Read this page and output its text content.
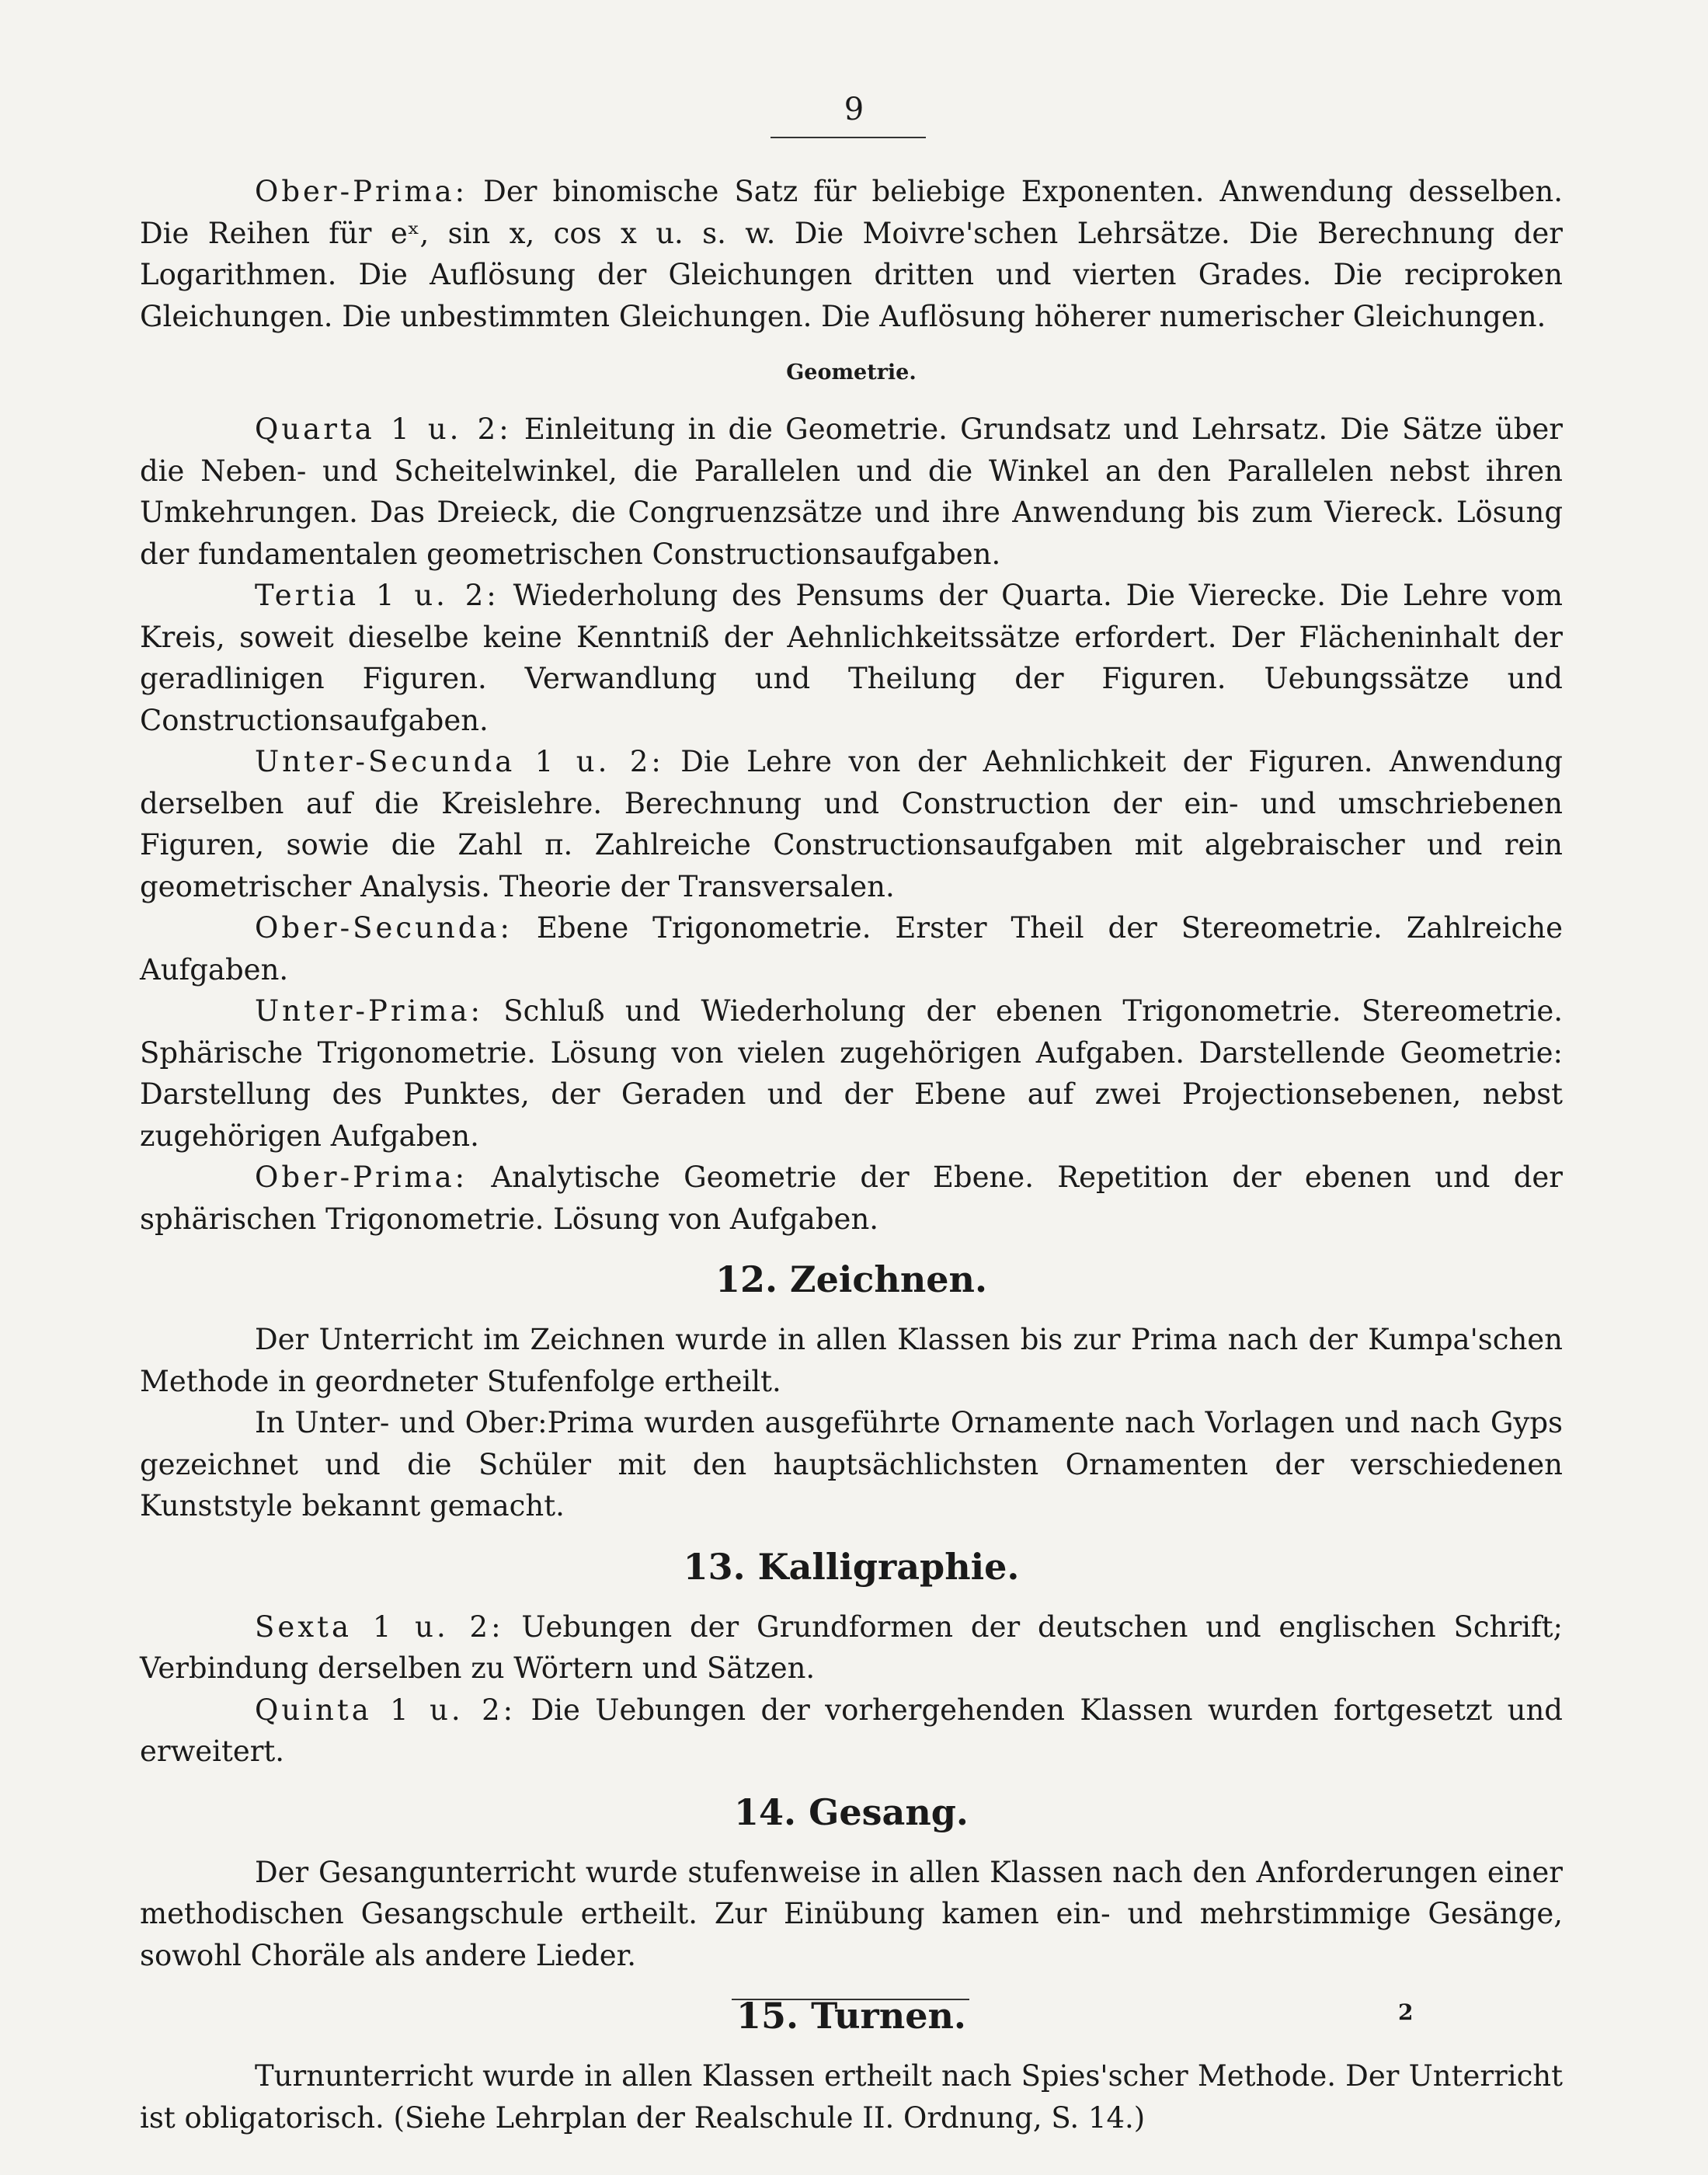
9

Ober-Prima: Der binomische Satz für beliebige Exponenten. Anwendung desselben. Die Reihen für eˣ, sin x, cos x u. s. w. Die Moivre'schen Lehrsätze. Die Berechnung der Logarithmen. Die Auflösung der Gleichungen dritten und vierten Grades. Die reciproken Gleichungen. Die unbestimmten Gleichungen. Die Auflösung höherer numerischer Gleichungen.

Geometrie.

Quarta 1 u. 2: Einleitung in die Geometrie. Grundsatz und Lehrsatz. Die Sätze über die Neben- und Scheitelwinkel, die Parallelen und die Winkel an den Parallelen nebst ihren Umkehrungen. Das Dreieck, die Congruenzsätze und ihre Anwendung bis zum Viereck. Lösung der fundamentalen geometrischen Constructionsaufgaben.

Tertia 1 u. 2: Wiederholung des Pensums der Quarta. Die Vierecke. Die Lehre vom Kreis, soweit dieselbe keine Kenntniß der Aehnlichkeitssätze erfordert. Der Flächeninhalt der geradlinigen Figuren. Verwandlung und Theilung der Figuren. Uebungssätze und Constructionsaufgaben.

Unter-Secunda 1 u. 2: Die Lehre von der Aehnlichkeit der Figuren. Anwendung derselben auf die Kreislehre. Berechnung und Construction der ein- und umschriebenen Figuren, sowie die Zahl π. Zahlreiche Constructionsaufgaben mit algebraischer und rein geometrischer Analysis. Theorie der Transversalen.

Ober-Secunda: Ebene Trigonometrie. Erster Theil der Stereometrie. Zahlreiche Aufgaben.

Unter-Prima: Schluß und Wiederholung der ebenen Trigonometrie. Stereometrie. Sphärische Trigonometrie. Lösung von vielen zugehörigen Aufgaben. Darstellende Geometrie: Darstellung des Punktes, der Geraden und der Ebene auf zwei Projectionsebenen, nebst zugehörigen Aufgaben.

Ober-Prima: Analytische Geometrie der Ebene. Repetition der ebenen und der sphärischen Trigonometrie. Lösung von Aufgaben.

12. Zeichnen.

Der Unterricht im Zeichnen wurde in allen Klassen bis zur Prima nach der Kumpa'schen Methode in geordneter Stufenfolge ertheilt.

In Unter- und Ober:Prima wurden ausgeführte Ornamente nach Vorlagen und nach Gyps gezeichnet und die Schüler mit den hauptsächlichsten Ornamenten der verschiedenen Kunststyle bekannt gemacht.

13. Kalligraphie.

Sexta 1 u. 2: Uebungen der Grundformen der deutschen und englischen Schrift; Verbindung derselben zu Wörtern und Sätzen.

Quinta 1 u. 2: Die Uebungen der vorhergehenden Klassen wurden fortgesetzt und erweitert.

14. Gesang.

Der Gesangunterricht wurde stufenweise in allen Klassen nach den Anforderungen einer methodischen Gesangschule ertheilt. Zur Einübung kamen ein- und mehrstimmige Gesänge, sowohl Choräle als andere Lieder.

15. Turnen.

Turnunterricht wurde in allen Klassen ertheilt nach Spies'scher Methode. Der Unterricht ist obligatorisch. (Siehe Lehrplan der Realschule II. Ordnung, S. 14.)

2
